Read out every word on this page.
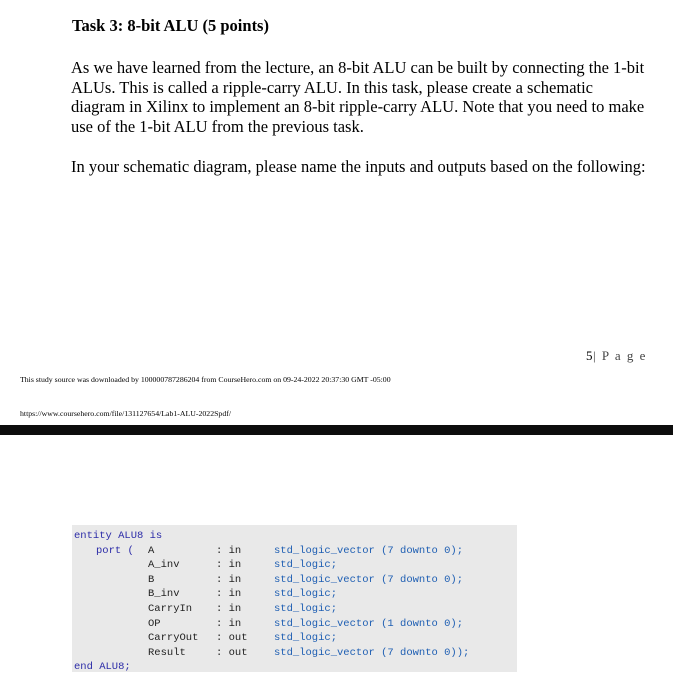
Task 3: 8-bit ALU (5 points)

As we have learned from the lecture, an 8-bit ALU can be built by connecting the 1-bit ALUs. This is called a ripple-carry ALU. In this task, please create a schematic diagram in Xilinx to implement an 8-bit ripple-carry ALU. Note that you need to make use of the 1-bit ALU from the previous task.

In your schematic diagram, please name the inputs and outputs based on the following:

5| P a g e
This study source was downloaded by 100000787286204 from CourseHero.com on 09-24-2022 20:37:30 GMT -05:00
https://www.coursehero.com/file/131127654/Lab1-ALU-2022Spdf/
entity ALU8 is
port ( A	: in	std_logic_vector (7 downto 0);
A_inv	: in	std_logic;
B	: in	std_logic_vector (7 downto 0);
B_inv	: in	std_logic;
CarryIn : in	std_logic;
OP	: in	std_logic_vector (1 downto 0);
CarryOut : out	std_logic;
Result	: out	std_logic_vector (7 downto 0));
end ALU8;
